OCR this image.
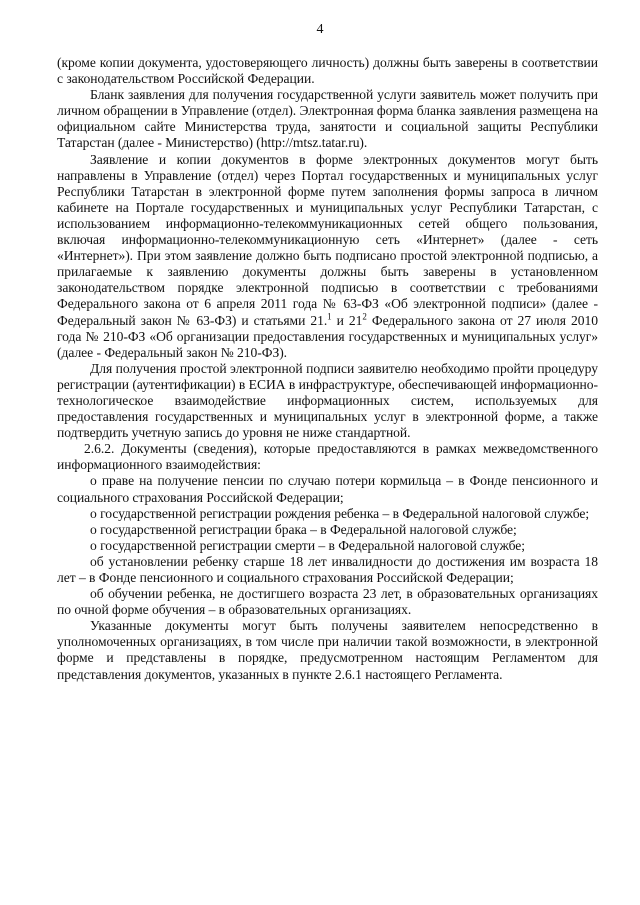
4

(кроме копии документа, удостоверяющего личность) должны быть заверены в соответствии с законодательством Российской Федерации.

Бланк заявления для получения государственной услуги заявитель может получить при личном обращении в Управление (отдел). Электронная форма бланка заявления размещена на официальном сайте Министерства труда, занятости и социальной защиты Республики Татарстан (далее - Министерство) (http://mtsz.tatar.ru).

Заявление и копии документов в форме электронных документов могут быть направлены в Управление (отдел) через Портал государственных и муниципальных услуг Республики Татарстан в электронной форме путем заполнения формы запроса в личном кабинете на Портале государственных и муниципальных услуг Республики Татарстан, с использованием информационно-телекоммуникационных сетей общего пользования, включая информационно-телекоммуникационную сеть «Интернет» (далее - сеть «Интернет»). При этом заявление должно быть подписано простой электронной подписью, а прилагаемые к заявлению документы должны быть заверены в установленном законодательством порядке электронной подписью в соответствии с требованиями Федерального закона от 6 апреля 2011 года № 63-ФЗ «Об электронной подписи» (далее - Федеральный закон № 63-ФЗ) и статьями 21.$^1$ и $21^2$ Федерального закона от 27 июля 2010 года № 210-ФЗ «Об организации предоставления государственных и муниципальных услуг» (далее - Федеральный закон № 210-ФЗ).

Для получения простой электронной подписи заявителю необходимо пройти процедуру регистрации (аутентификации) в ЕСИА в инфраструктуре, обеспечивающей информационно-технологическое взаимодействие информационных систем, используемых для предоставления государственных и муниципальных услуг в электронной форме, а также подтвердить учетную запись до уровня не ниже стандартной.

2.6.2. Документы (сведения), которые предоставляются в рамках межведомственного информационного взаимодействия:

о праве на получение пенсии по случаю потери кормильца – в Фонде пенсионного и социального страхования Российской Федерации;

о государственной регистрации рождения ребенка – в Федеральной налоговой службе;

о государственной регистрации брака – в Федеральной налоговой службе;

о государственной регистрации смерти – в Федеральной налоговой службе;

об установлении ребенку старше 18 лет инвалидности до достижения им возраста 18 лет – в Фонде пенсионного и социального страхования Российской Федерации;

об обучении ребенка, не достигшего возраста 23 лет, в образовательных организациях по очной форме обучения – в образовательных организациях.

Указанные документы могут быть получены заявителем непосредственно в уполномоченных организациях, в том числе при наличии такой возможности, в электронной форме и представлены в порядке, предусмотренном настоящим Регламентом для представления документов, указанных в пункте 2.6.1 настоящего Регламента.
